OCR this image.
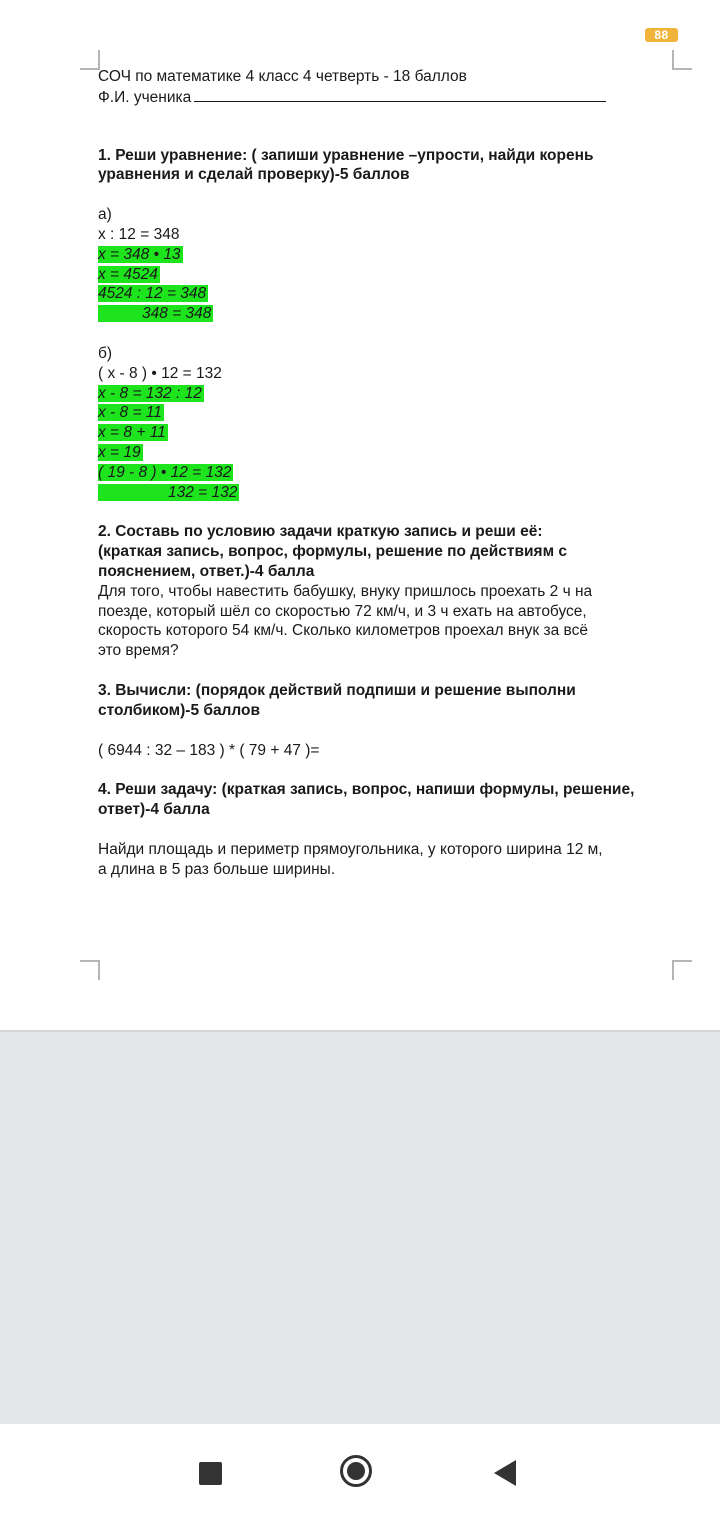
88
СОЧ по математике 4 класс 4 четверть - 18 баллов
Ф.И. ученика
1. Реши уравнение: ( запиши уравнение –упрости, найди корень
уравнения и сделай проверку)-5 баллов
а)
x : 12 = 348
x = 348 • 13
x = 4524
4524 : 12 = 348
348 = 348
б)
( x - 8 ) • 12 = 132
x - 8 = 132 : 12
x - 8 = 11
x = 8 + 11
x = 19
( 19 - 8 ) • 12 = 132
132 = 132
2. Составь по условию задачи краткую запись и реши её:
(краткая запись, вопрос, формулы, решение по действиям с
пояснением, ответ.)-4 балла
Для того, чтобы навестить бабушку, внуку пришлось проехать 2 ч на
поезде, который шёл со скоростью 72 км/ч, и 3 ч ехать на автобусе,
скорость которого 54 км/ч. Сколько километров проехал внук за всё
это время?
3. Вычисли: (порядок действий подпиши и решение выполни
столбиком)-5 баллов
( 6944 : 32 – 183 ) * ( 79 + 47 )=
4. Реши задачу: (краткая запись, вопрос, напиши формулы, решение,
ответ)-4 балла
Найди площадь и периметр прямоугольника, у которого ширина 12 м,
а длина в 5 раз больше ширины.
